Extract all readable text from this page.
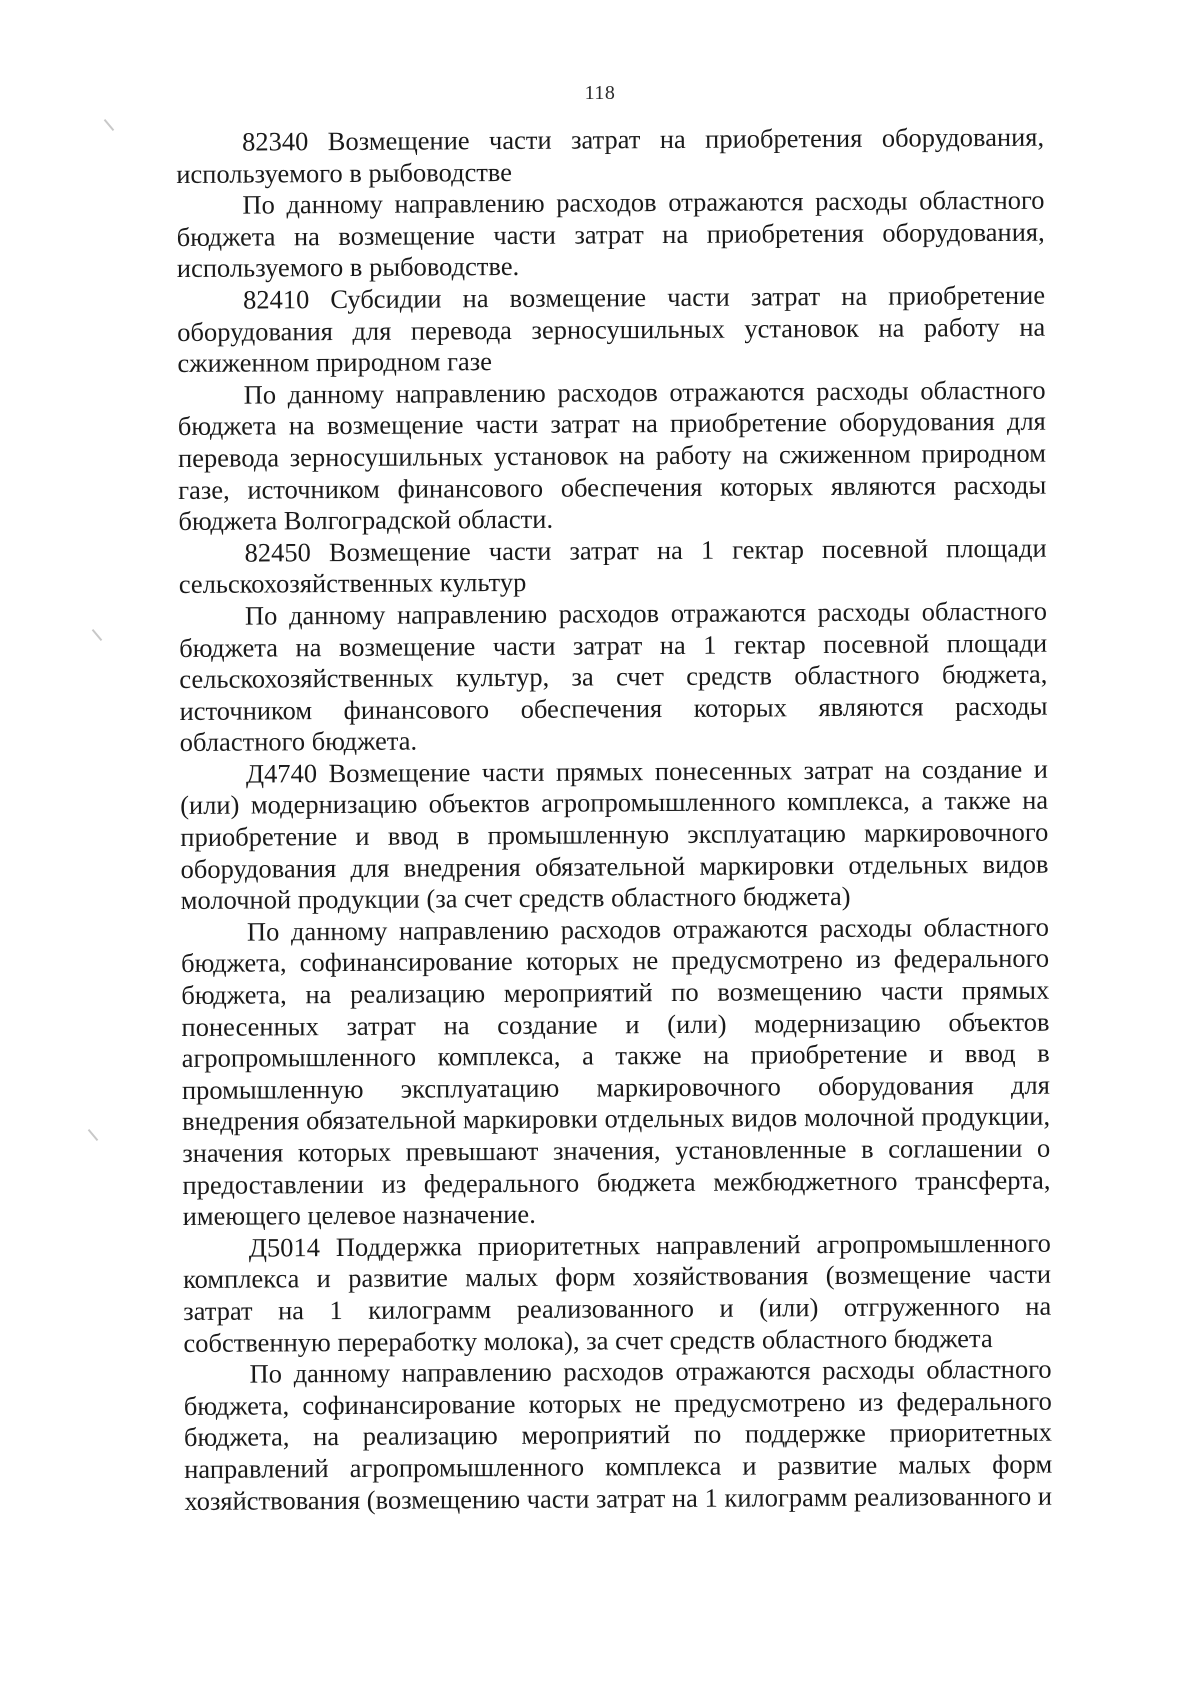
118

82340 Возмещение части затрат на приобретения оборудования, используемого в рыбоводстве

По данному направлению расходов отражаются расходы областного бюджета на возмещение части затрат на приобретения оборудования, используемого в рыбоводстве.

82410 Субсидии на возмещение части затрат на приобретение оборудования для перевода зерносушильных установок на работу на сжиженном природном газе

По данному направлению расходов отражаются расходы областного бюджета на возмещение части затрат на приобретение оборудования для перевода зерносушильных установок на работу на сжиженном природном газе, источником финансового обеспечения которых являются расходы бюджета Волгоградской области.

82450 Возмещение части затрат на 1 гектар посевной площади сельскохозяйственных культур

По данному направлению расходов отражаются расходы областного бюджета на возмещение части затрат на 1 гектар посевной площади сельскохозяйственных культур, за счет средств областного бюджета, источником финансового обеспечения которых являются расходы областного бюджета.

Д4740 Возмещение части прямых понесенных затрат на создание и (или) модернизацию объектов агропромышленного комплекса, а также на приобретение и ввод в промышленную эксплуатацию маркировочного оборудования для внедрения обязательной маркировки отдельных видов молочной продукции (за счет средств областного бюджета)

По данному направлению расходов отражаются расходы областного бюджета, софинансирование которых не предусмотрено из федерального бюджета, на реализацию мероприятий по возмещению части прямых понесенных затрат на создание и (или) модернизацию объектов агропромышленного комплекса, а также на приобретение и ввод в промышленную эксплуатацию маркировочного оборудования для внедрения обязательной маркировки отдельных видов молочной продукции, значения которых превышают значения, установленные в соглашении о предоставлении из федерального бюджета межбюджетного трансферта, имеющего целевое назначение.

Д5014 Поддержка приоритетных направлений агропромышленного комплекса и развитие малых форм хозяйствования (возмещение части затрат на 1 килограмм реализованного и (или) отгруженного на собственную переработку молока), за счет средств областного бюджета

По данному направлению расходов отражаются расходы областного бюджета, софинансирование которых не предусмотрено из федерального бюджета, на реализацию мероприятий по поддержке приоритетных направлений агропромышленного комплекса и развитие малых форм хозяйствования (возмещению части затрат на 1 килограмм реализованного и
